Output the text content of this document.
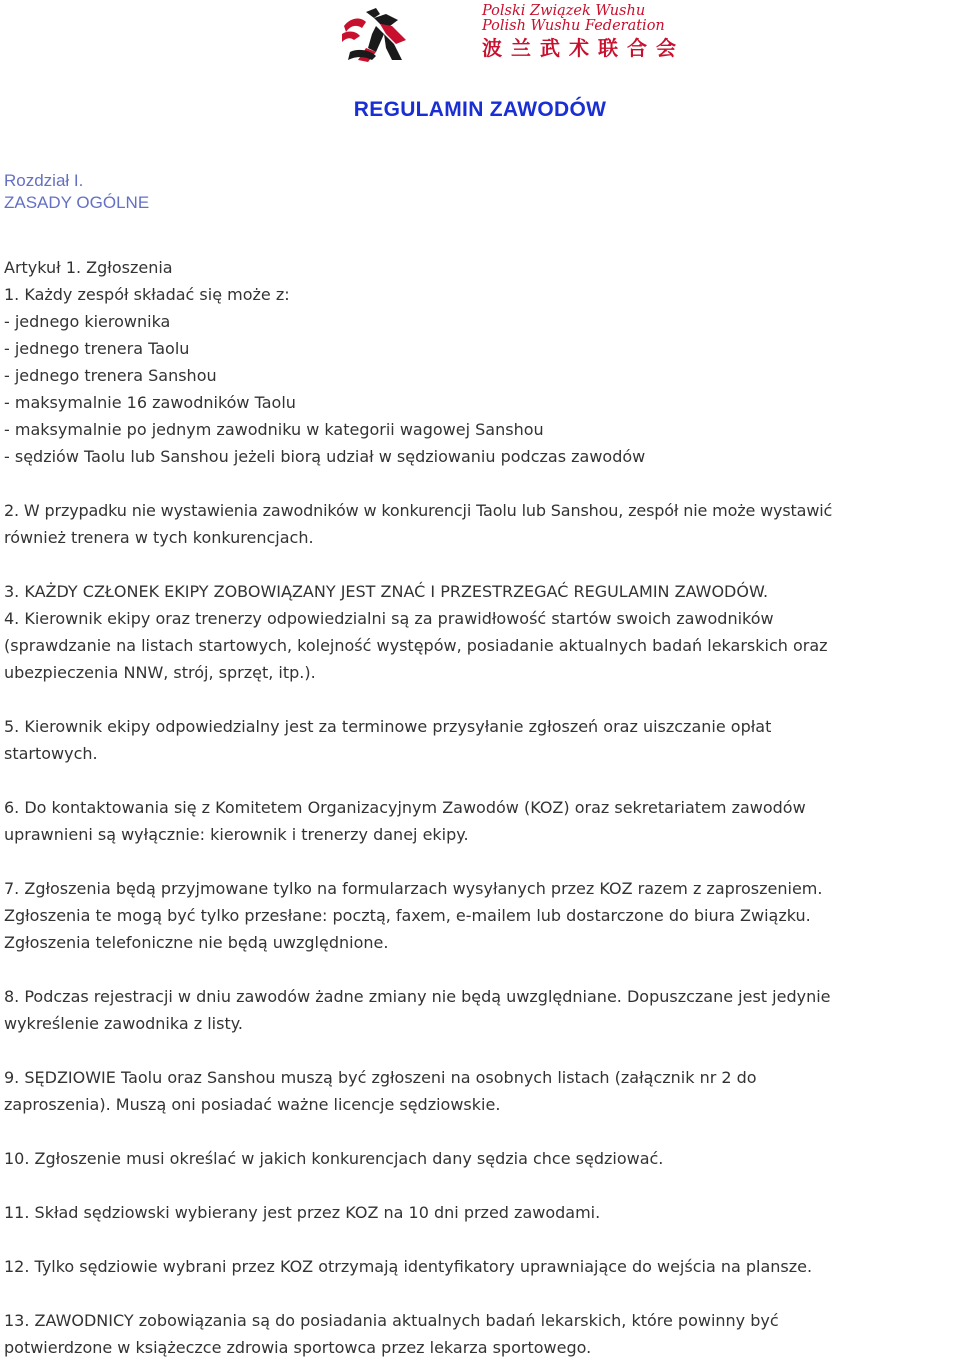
Polski Związek Wushu
Polish Wushu Federation
波兰武术联合会
REGULAMIN ZAWODÓW
Rozdział I.
ZASADY OGÓLNE

Artykuł 1. Zgłoszenia

1. Każdy zespół składać się może z:
- jednego kierownika
- jednego trenera Taolu
- jednego trenera Sanshou
- maksymalnie 16 zawodników Taolu
- maksymalnie po jednym zawodniku w kategorii wagowej Sanshou
- sędziów Taolu lub Sanshou jeżeli biorą udział w sędziowaniu podczas zawodów

2. W przypadku nie wystawienia zawodników w konkurencji Taolu lub Sanshou, zespół nie może wystawić
również trenera w tych konkurencjach.

3. KAŻDY CZŁONEK EKIPY ZOBOWIĄZANY JEST ZNAĆ I PRZESTRZEGAĆ REGULAMIN ZAWODÓW.

4. Kierownik ekipy oraz trenerzy odpowiedzialni są za prawidłowość startów swoich zawodników
(sprawdzanie na listach startowych, kolejność występów, posiadanie aktualnych badań lekarskich oraz
ubezpieczenia NNW, strój, sprzęt, itp.).

5. Kierownik ekipy odpowiedzialny jest za terminowe przysyłanie zgłoszeń oraz uiszczanie opłat
startowych.

6. Do kontaktowania się z Komitetem Organizacyjnym Zawodów (KOZ) oraz sekretariatem zawodów
uprawnieni są wyłącznie: kierownik i trenerzy danej ekipy.

7. Zgłoszenia będą przyjmowane tylko na formularzach wysyłanych przez KOZ razem z zaproszeniem.
Zgłoszenia te mogą być tylko przesłane: pocztą, faxem, e-mailem lub dostarczone do biura Związku.
Zgłoszenia telefoniczne nie będą uwzględnione.

8. Podczas rejestracji w dniu zawodów żadne zmiany nie będą uwzględniane. Dopuszczane jest jedynie
wykreślenie zawodnika z listy.

9. SĘDZIOWIE Taolu oraz Sanshou muszą być zgłoszeni na osobnych listach (załącznik nr 2 do
zaproszenia). Muszą oni posiadać ważne licencje sędziowskie.

10. Zgłoszenie musi określać w jakich konkurencjach dany sędzia chce sędziować.

11. Skład sędziowski wybierany jest przez KOZ na 10 dni przed zawodami.

12. Tylko sędziowie wybrani przez KOZ otrzymają identyfikatory uprawniające do wejścia na plansze.

13. ZAWODNICY zobowiązania są do posiadania aktualnych badań lekarskich, które powinny być
potwierdzone w książeczce zdrowia sportowca przez lekarza sportowego.
